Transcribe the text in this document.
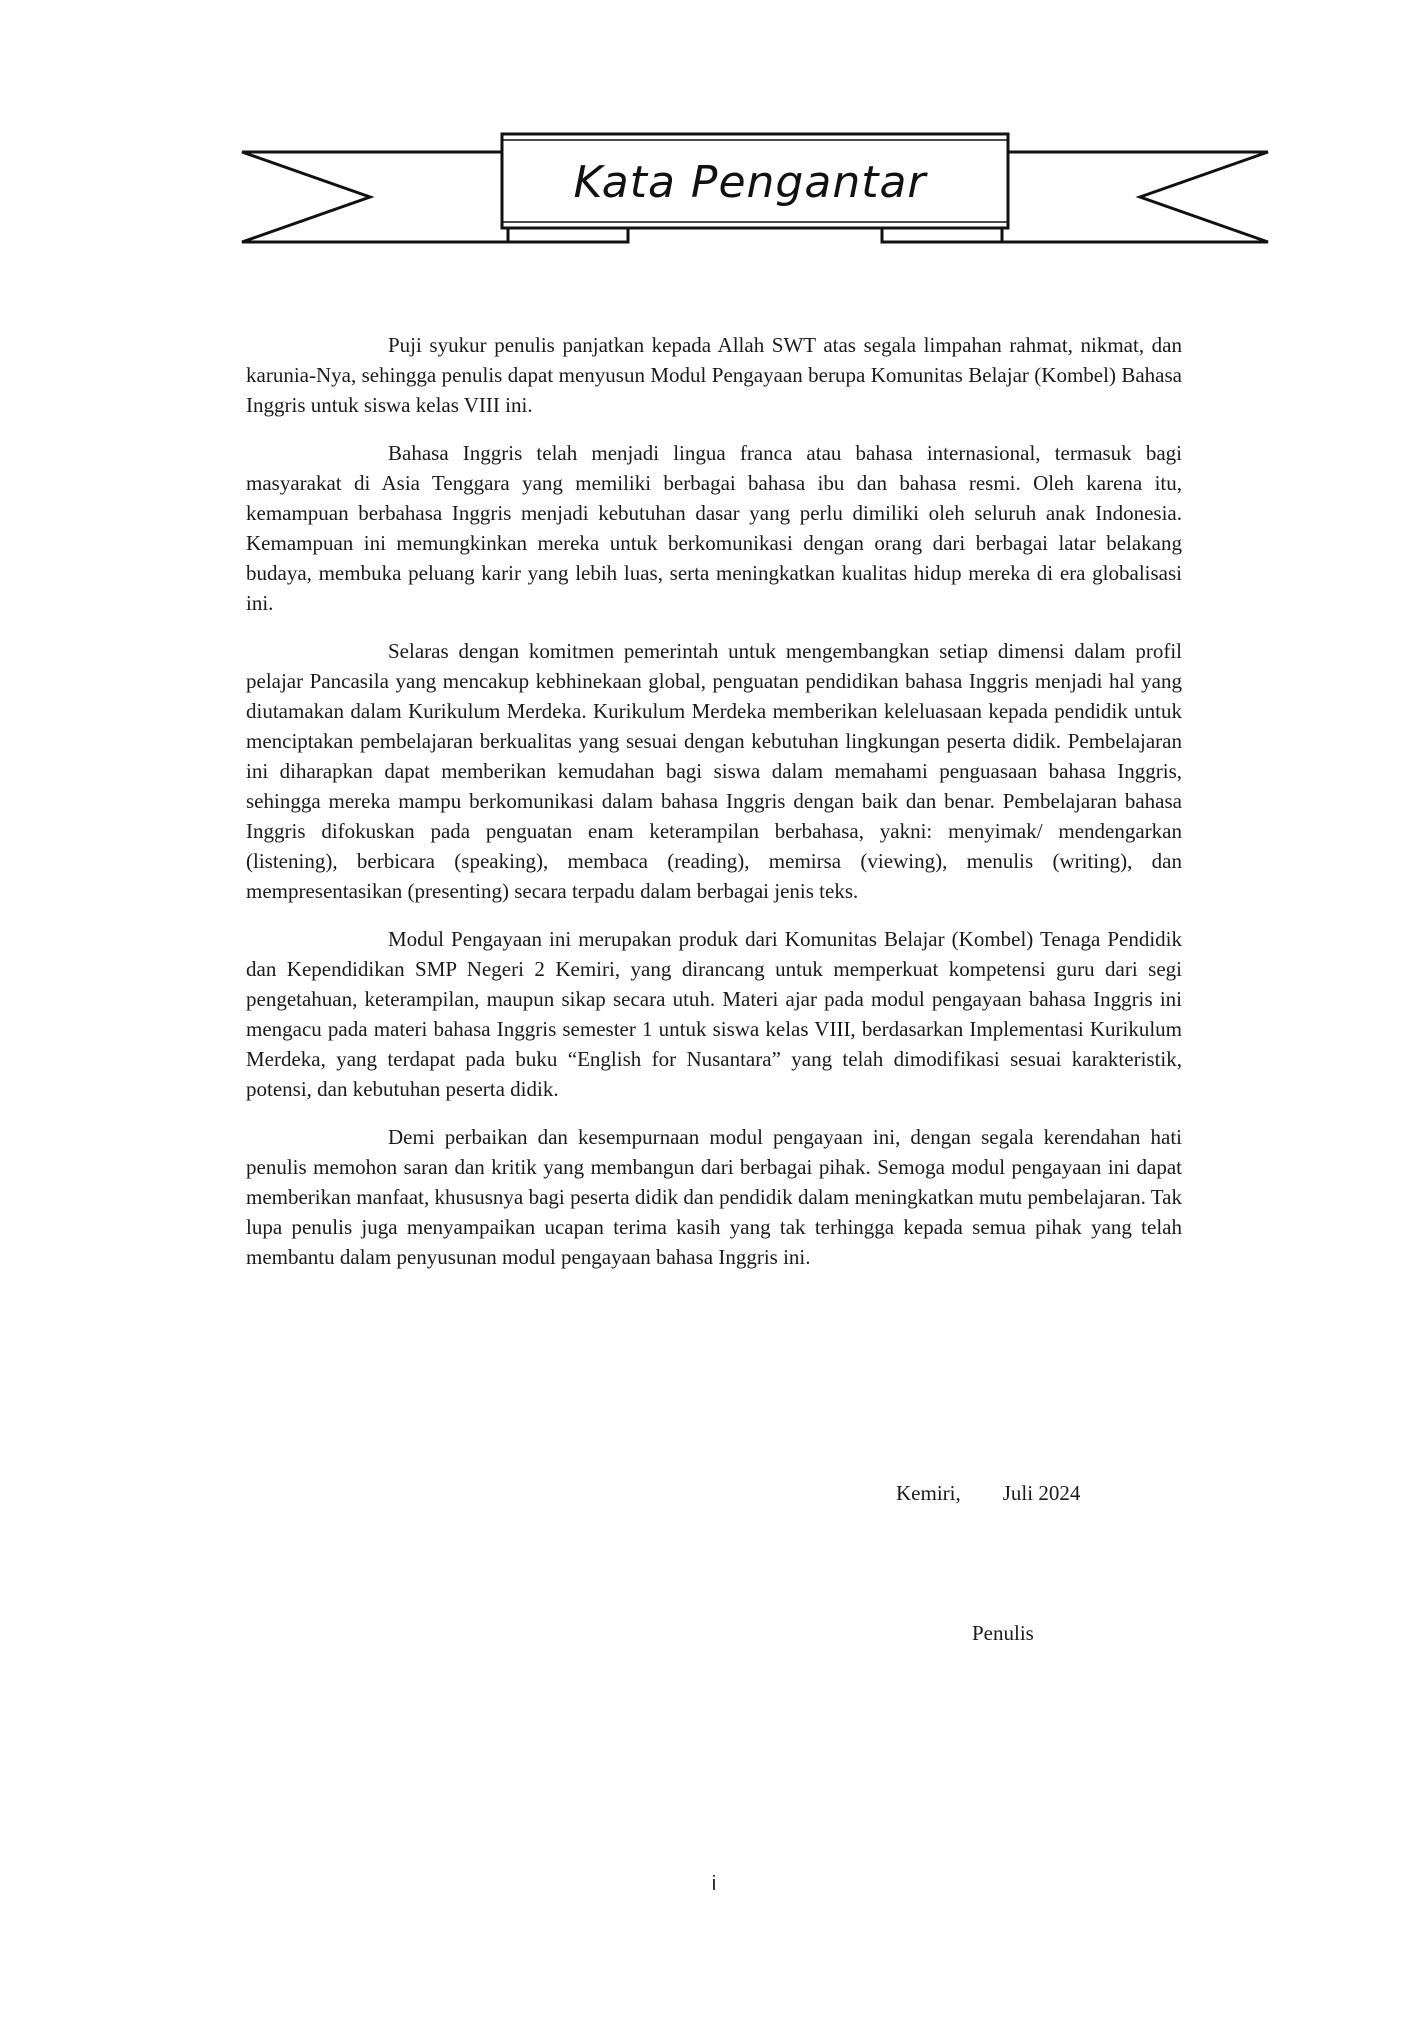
Kata Pengantar

Puji syukur penulis panjatkan kepada Allah SWT atas segala limpahan rahmat, nikmat, dan karunia-Nya, sehingga penulis dapat menyusun Modul Pengayaan berupa Komunitas Belajar (Kombel) Bahasa Inggris untuk siswa kelas VIII ini.

Bahasa Inggris telah menjadi lingua franca atau bahasa internasional, termasuk bagi masyarakat di Asia Tenggara yang memiliki berbagai bahasa ibu dan bahasa resmi. Oleh karena itu, kemampuan berbahasa Inggris menjadi kebutuhan dasar yang perlu dimiliki oleh seluruh anak Indonesia. Kemampuan ini memungkinkan mereka untuk berkomunikasi dengan orang dari berbagai latar belakang budaya, membuka peluang karir yang lebih luas, serta meningkatkan kualitas hidup mereka di era globalisasi ini.

Selaras dengan komitmen pemerintah untuk mengembangkan setiap dimensi dalam profil pelajar Pancasila yang mencakup kebhinekaan global, penguatan pendidikan bahasa Inggris menjadi hal yang diutamakan dalam Kurikulum Merdeka. Kurikulum Merdeka memberikan keleluasaan kepada pendidik untuk menciptakan pembelajaran berkualitas yang sesuai dengan kebutuhan lingkungan peserta didik. Pembelajaran ini diharapkan dapat memberikan kemudahan bagi siswa dalam memahami penguasaan bahasa Inggris, sehingga mereka mampu berkomunikasi dalam bahasa Inggris dengan baik dan benar. Pembelajaran bahasa Inggris difokuskan pada penguatan enam keterampilan berbahasa, yakni: menyimak/ mendengarkan (listening), berbicara (speaking), membaca (reading), memirsa (viewing), menulis (writing), dan mempresentasikan (presenting) secara terpadu dalam berbagai jenis teks.

Modul Pengayaan ini merupakan produk dari Komunitas Belajar (Kombel) Tenaga Pendidik dan Kependidikan SMP Negeri 2 Kemiri, yang dirancang untuk memperkuat kompetensi guru dari segi pengetahuan, keterampilan, maupun sikap secara utuh. Materi ajar pada modul pengayaan bahasa Inggris ini mengacu pada materi bahasa Inggris semester 1 untuk siswa kelas VIII, berdasarkan Implementasi Kurikulum Merdeka, yang terdapat pada buku “English for Nusantara” yang telah dimodifikasi sesuai karakteristik, potensi, dan kebutuhan peserta didik.

Demi perbaikan dan kesempurnaan modul pengayaan ini, dengan segala kerendahan hati penulis memohon saran dan kritik yang membangun dari berbagai pihak. Semoga modul pengayaan ini dapat memberikan manfaat, khususnya bagi peserta didik dan pendidik dalam meningkatkan mutu pembelajaran. Tak lupa penulis juga menyampaikan ucapan terima kasih yang tak terhingga kepada semua pihak yang telah membantu dalam penyusunan modul pengayaan bahasa Inggris ini.

Kemiri, Juli 2024
Penulis
i
